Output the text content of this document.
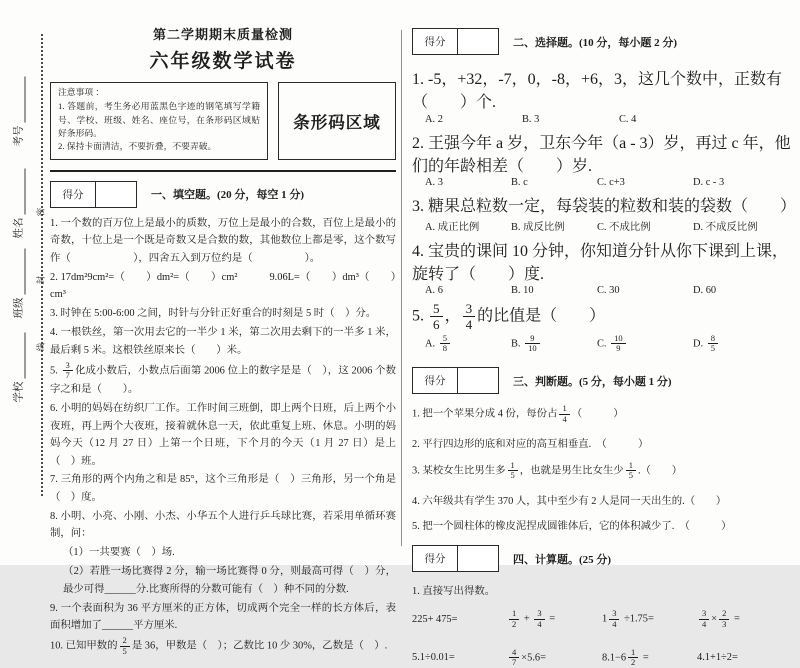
考号
姓名
班级
学校
密
封
线
第二学期期末质量检测
六年级数学试卷
注意事项 ：
1. 答题前，考生务必用蓝黑色字迹的钢笔填写学籍号、学校、班级、姓名、座位号，在条形码区域贴好条形码。
2. 保持卡面清洁，不要折叠，不要弄破。
条形码区域
得分	一、填空题。(20 分，每空 1 分)

1. 一个数的百万位上是最小的质数，万位上是最小的合数，百位上是最小的奇数，十位上是一个既是奇数又是合数的数，其他数位上都是零，这个数写作（　　　　　　），四舍五入到万位约是（　　　　　）。

2. 17dm²9cm²=（　　）dm²=（　　）cm²　　　9.06L=（　　）dm³（　　）cm³

3. 时钟在 5:00-6:00 之间，时针与分针正好重合的时刻是 5 时（　）分。

4. 一根铁丝，第一次用去它的一半少 1 米，第二次用去剩下的一半多 1 米，最后剩 5 米。这根铁丝原来长（　　）米。

5. $\frac{3}{7}$ 化成小数后，小数点后面第 2006 位上的数字是是（　），这 2006 个数字之和是（　　）。

6. 小明的妈妈在纺织厂工作。工作时间三班倒，即上两个日班，后上两个小夜班，再上两个大夜班，接着就休息一天，依此重复上班、休息。小明的妈妈今天（12 月 27 日）上第一个日班，下个月的今天（1 月 27 日）是上（　）班。

7. 三角形的两个内角之和是 85°，这个三角形是（　）三角形，另一个角是（　）度。

8. 小明、小亮、小刚、小杰、小华五个人进行乒乓球比赛，若采用单循环赛制，问：

（1）一共要赛（　）场.

（2）若胜一场比赛得 2 分，输一场比赛得 0 分，则最高可得（　）分，最少可得______分.比赛所得的分数可能有（　）种不同的分数.

9. 一个表面积为 36 平方厘米的正方体，切成两个完全一样的长方体后，表面积增加了______平方厘米.

10. 已知甲数的 $\frac{2}{5}$ 是 36，甲数是（　）；乙数比 10 少 30%，乙数是（　）.

得分	二、选择题。(10 分，每小题 2 分)

1. -5，+32，-7，0，-8，+6，3，这几个数中，正数有（　　）个.

A. 2	B. 3	C. 4

2. 王强今年 a 岁，卫东今年（a - 3）岁，再过 c 年，他们的年龄相差（　　）岁.

A. 3	B. c	C. c+3	D. c - 3

3. 糖果总粒数一定，每袋装的粒数和装的袋数（　　）

A. 成正比例	B. 成反比例	C. 不成比例	D. 不成反比例

4. 宝贵的课间 10 分钟，你知道分针从你下课到上课，旋转了（　　）度.

A. 6	B. 10	C. 30	D. 60

5. $\frac{5}{6}$ ， $\frac{3}{4}$ 的比值是（　　）

A. $\frac{5}{8}$	B. $\frac{9}{10}$	C. $\frac{10}{9}$	D. $\frac{8}{5}$
得分	三、判断题。(5 分，每小题 1 分)

1. 把一个苹果分成 4 份，每份占 $\frac{1}{4}$ （　　　）

2. 平行四边形的底和对应的高互相垂直.　（　　　）

3. 某校女生比男生多 $\frac{1}{5}$ ，也就是男生比女生少 $\frac{1}{5}$ .（　　）

4. 六年级共有学生 370 人，其中至少有 2 人是同一天出生的.（　　）

5. 把一个圆柱体的橡皮泥捏成圆锥体后，它的体积减少了.　（　　　）

得分	四、计算题。(25 分)

1. 直接写出得数。

225+ 475=	$\frac{1}{2} + \frac{3}{4}$ =	$1 \frac{3}{4} \div 1.75=$	$\frac{3}{4} \times \frac{2}{3}$ =
5.1÷0.01=	$\frac{4}{7} \times 5.6=$	$8.1-6 \frac{1}{2}$ =	4.1+1÷2=
